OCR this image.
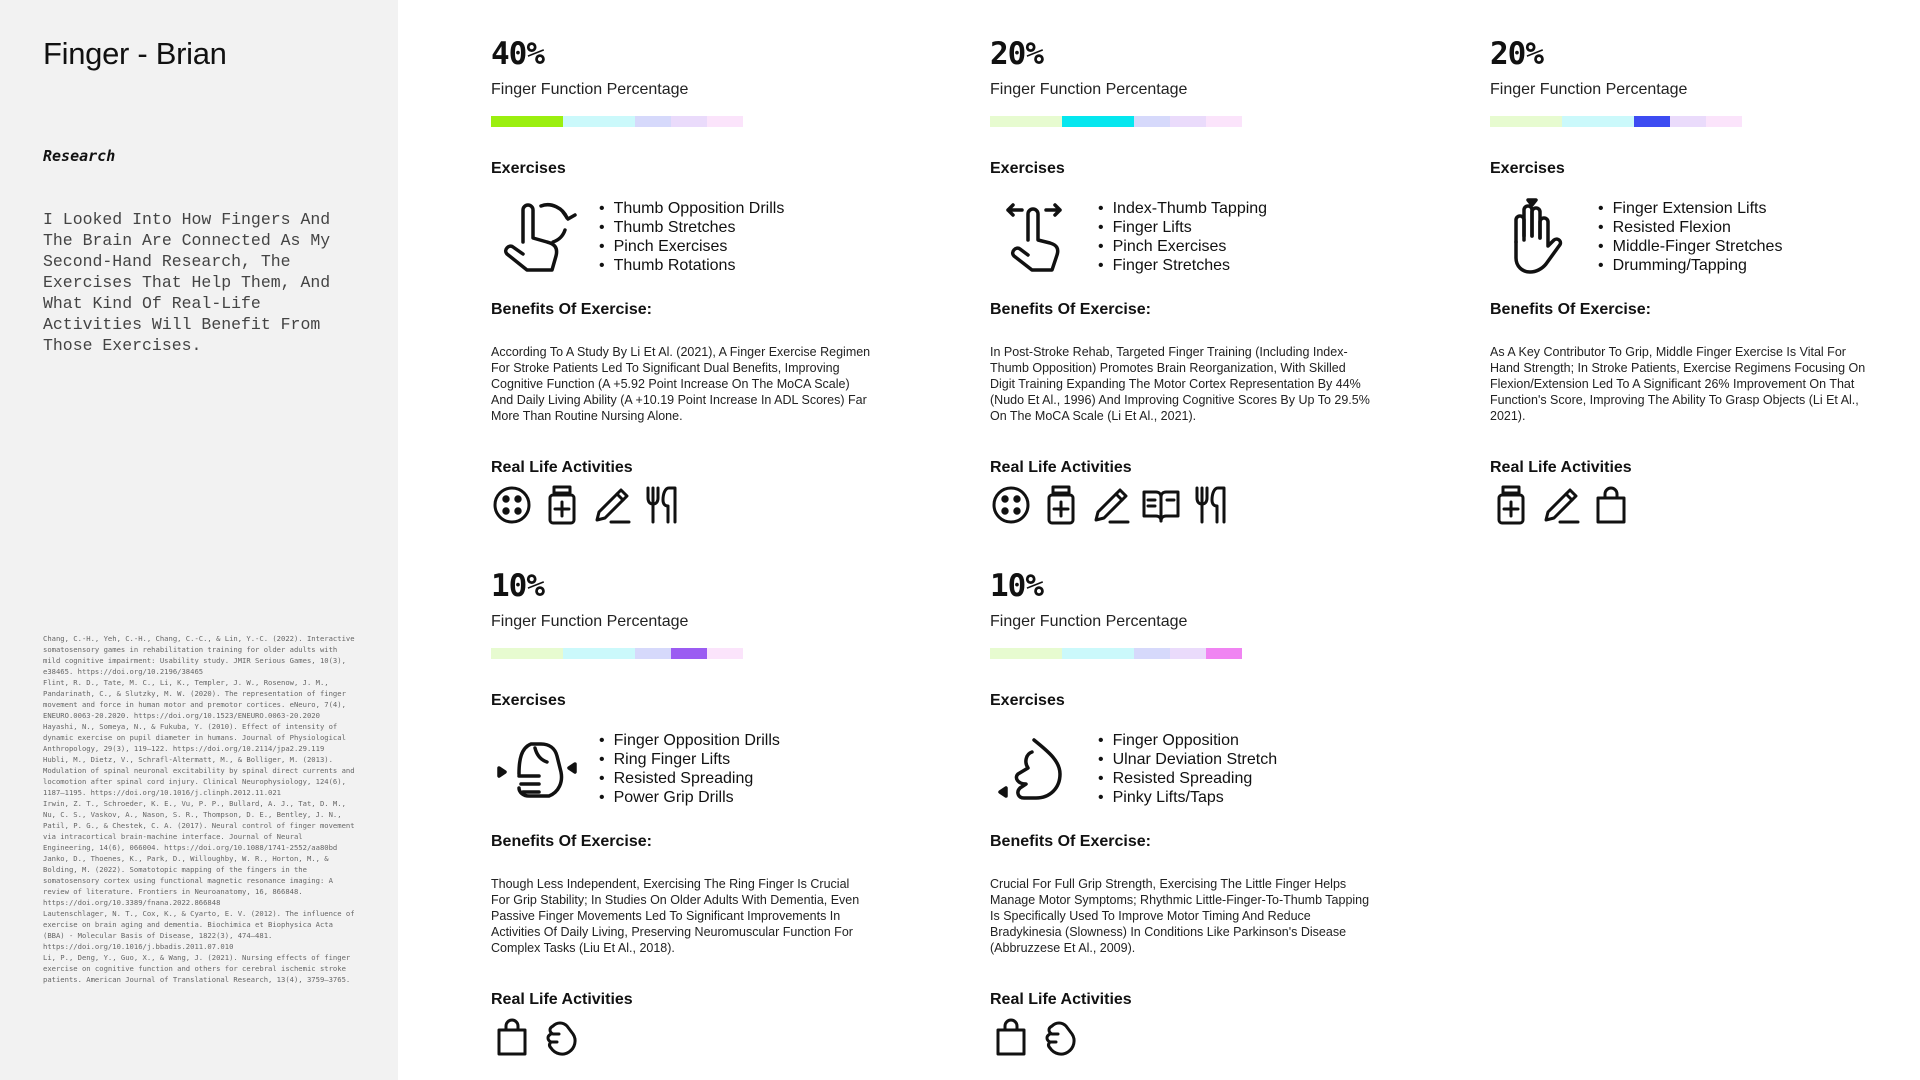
Finger - Brian
Research

I Looked Into How Fingers And The Brain Are Connected As My Second-Hand Research, The Exercises That Help Them, And What Kind Of Real-Life Activities Will Benefit From Those Exercises.

Chang, C.-H., Yeh, C.-H., Chang, C.-C., & Lin, Y.-C. (2022). Interactive somatosensory games in rehabilitation training for older adults with mild cognitive impairment: Usability study. JMIR Serious Games, 10(3), e38465. https://doi.org/10.2196/38465
Flint, R. D., Tate, M. C., Li, K., Templer, J. W., Rosenow, J. M., Pandarinath, C., & Slutzky, M. W. (2020). The representation of finger movement and force in human motor and premotor cortices. eNeuro, 7(4), ENEURO.0063-20.2020. https://doi.org/10.1523/ENEURO.0063-20.2020
Hayashi, N., Someya, N., & Fukuba, Y. (2010). Effect of intensity of dynamic exercise on pupil diameter in humans. Journal of Physiological Anthropology, 29(3), 119–122. https://doi.org/10.2114/jpa2.29.119
Hubli, M., Dietz, V., Schrafl-Altermatt, M., & Bolliger, M. (2013). Modulation of spinal neuronal excitability by spinal direct currents and locomotion after spinal cord injury. Clinical Neurophysiology, 124(6), 1187–1195. https://doi.org/10.1016/j.clinph.2012.11.021
Irwin, Z. T., Schroeder, K. E., Vu, P. P., Bullard, A. J., Tat, D. M., Nu, C. S., Vaskov, A., Nason, S. R., Thompson, D. E., Bentley, J. N., Patil, P. G., & Chestek, C. A. (2017). Neural control of finger movement via intracortical brain-machine interface. Journal of Neural Engineering, 14(6), 066004. https://doi.org/10.1088/1741-2552/aa80bd
Janko, D., Thoenes, K., Park, D., Willoughby, W. R., Horton, M., & Bolding, M. (2022). Somatotopic mapping of the fingers in the somatosensory cortex using functional magnetic resonance imaging: A review of literature. Frontiers in Neuroanatomy, 16, 866848. https://doi.org/10.3389/fnana.2022.866848
Lautenschlager, N. T., Cox, K., & Cyarto, E. V. (2012). The influence of exercise on brain aging and dementia. Biochimica et Biophysica Acta (BBA) - Molecular Basis of Disease, 1822(3), 474–481. https://doi.org/10.1016/j.bbadis.2011.07.010
Li, P., Deng, Y., Guo, X., & Wang, J. (2021). Nursing effects of finger exercise on cognitive function and others for cerebral ischemic stroke patients. American Journal of Translational Research, 13(4), 3759–3765.
40%
Finger Function Percentage
Exercises
• Thumb Opposition Drills
• Thumb Stretches
• Pinch Exercises
• Thumb Rotations
Benefits Of Exercise:

According To A Study By Li Et Al. (2021), A Finger Exercise Regimen For Stroke Patients Led To Significant Dual Benefits, Improving Cognitive Function (A +5.92 Point Increase On The MoCA Scale) And Daily Living Ability (A +10.19 Point Increase In ADL Scores) Far More Than Routine Nursing Alone.

Real Life Activities
20%
Finger Function Percentage
Exercises
• Index-Thumb Tapping
• Finger Lifts
• Pinch Exercises
• Finger Stretches
Benefits Of Exercise:

In Post-Stroke Rehab, Targeted Finger Training (Including Index-Thumb Opposition) Promotes Brain Reorganization, With Skilled Digit Training Expanding The Motor Cortex Representation By 44% (Nudo Et Al., 1996) And Improving Cognitive Scores By Up To 29.5% On The MoCA Scale (Li Et Al., 2021).

Real Life Activities
20%
Finger Function Percentage
Exercises
• Finger Extension Lifts
• Resisted Flexion
• Middle-Finger Stretches
• Drumming/Tapping
Benefits Of Exercise:

As A Key Contributor To Grip, Middle Finger Exercise Is Vital For Hand Strength; In Stroke Patients, Exercise Regimens Focusing On Flexion/Extension Led To A Significant 26% Improvement On That Function's Score, Improving The Ability To Grasp Objects (Li Et Al., 2021).

Real Life Activities
10%
Finger Function Percentage
Exercises
• Finger Opposition Drills
• Ring Finger Lifts
• Resisted Spreading
• Power Grip Drills
Benefits Of Exercise:

Though Less Independent, Exercising The Ring Finger Is Crucial For Grip Stability; In Studies On Older Adults With Dementia, Even Passive Finger Movements Led To Significant Improvements In Activities Of Daily Living, Preserving Neuromuscular Function For Complex Tasks (Liu Et Al., 2018).

Real Life Activities
10%
Finger Function Percentage
Exercises
• Finger Opposition
• Ulnar Deviation Stretch
• Resisted Spreading
• Pinky Lifts/Taps
Benefits Of Exercise:

Crucial For Full Grip Strength, Exercising The Little Finger Helps Manage Motor Symptoms; Rhythmic Little-Finger-To-Thumb Tapping Is Specifically Used To Improve Motor Timing And Reduce Bradykinesia (Slowness) In Conditions Like Parkinson's Disease (Abbruzzese Et Al., 2009).

Real Life Activities
